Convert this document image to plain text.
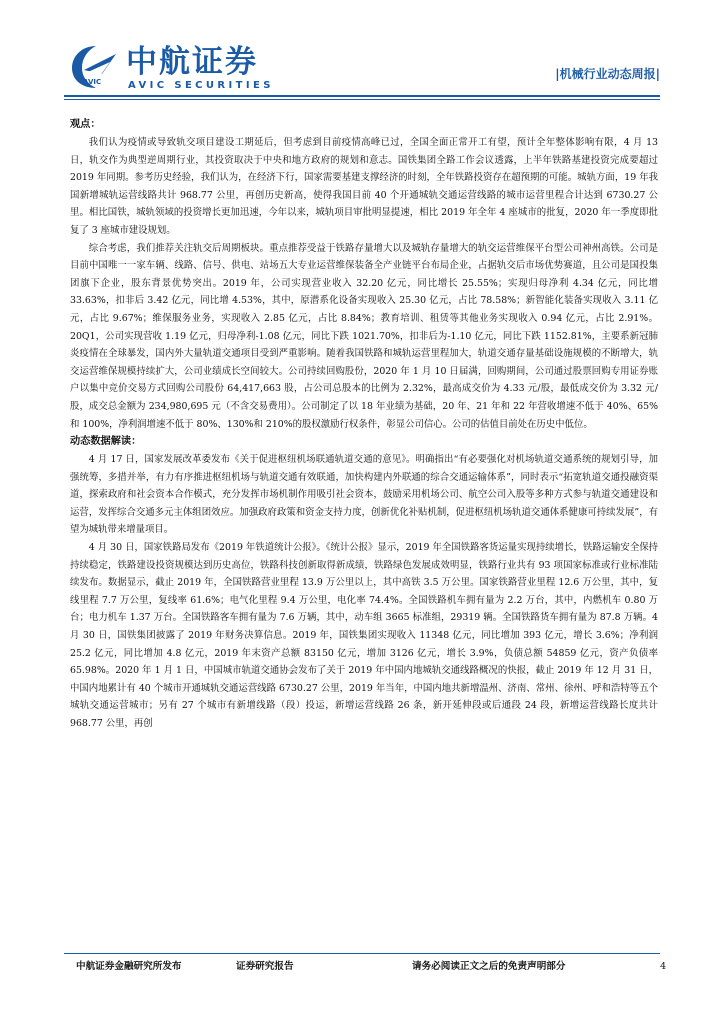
AVIC
中航证券
AVIC SECURITIES
|机械行业动态周报|

观点：

我们认为疫情或导致轨交项目建设工期延后，但考虑到目前疫情高峰已过，全国全面正常开工有望，预计全年整体影响有限，4 月 13 日，轨交作为典型逆周期行业，其投资取决于中央和地方政府的规划和意志。国铁集团全路工作会议透露，上半年铁路基建投资完成要超过 2019 年同期。参考历史经验，我们认为，在经济下行，国家需要基建支撑经济的时刻，全年铁路投资存在超预期的可能。城轨方面，19 年我国新增城轨运营线路共计 968.77 公里，再创历史新高，使得我国目前 40 个开通城轨交通运营线路的城市运营里程合计达到 6730.27 公里。相比国铁，城轨领域的投资增长更加迅速，今年以来，城轨项目审批明显提速，相比 2019 年全年 4 座城市的批复，2020 年一季度即批复了 3 座城市建设规划。

综合考虑，我们推荐关注轨交后周期板块。重点推荐受益于铁路存量增大以及城轨存量增大的轨交运营维保平台型公司神州高铁。公司是目前中国唯一一家车辆、线路、信号、供电、站场五大专业运营维保装备全产业链平台布局企业，占据轨交后市场优势赛道，且公司是国投集团旗下企业，股东背景优势突出。2019 年，公司实现营业收入 32.20 亿元，同比增长 25.55%；实现归母净利 4.34 亿元，同比增 33.63%，扣非后 3.42 亿元，同比增 4.53%，其中，原潜系化设备实现收入 25.30 亿元，占比 78.58%；新智能化装备实现收入 3.11 亿元，占比 9.67%；维保服务业务，实现收入 2.85 亿元，占比 8.84%；教育培训、租赁等其他业务实现收入 0.94 亿元，占比 2.91%。20Q1，公司实现营收 1.19 亿元，归母净利-1.08 亿元，同比下跌 1021.70%，扣非后为-1.10 亿元，同比下跌 1152.81%，主要系新冠肺炎疫情在全球暴发，国内外大量轨道交通项目受到严重影响。随着我国铁路和城轨运营里程加大，轨道交通存量基础设施规模的不断增大，轨交运营维保规模持续扩大，公司业绩成长空间较大。公司持续回购股份，2020 年 1 月 10 日届满，回购期间，公司通过股票回购专用证券账户以集中竞价交易方式回购公司股份 64,417,663 股，占公司总股本的比例为 2.32%，最高成交价为 4.33 元/股，最低成交价为 3.32 元/股，成交总金额为 234,980,695 元（不含交易费用）。公司制定了以 18 年业绩为基础，20 年、21 年和 22 年营收增速不低于 40%、65%和 100%，净利润增速不低于 80%、130%和 210%的股权激励行权条件，彰显公司信心。公司的估值目前处在历史中低位。

动态数据解读：

4 月 17 日，国家发展改革委发布《关于促进枢纽机场联通轨道交通的意见》。明确指出“有必要强化对机场轨道交通系统的规划引导，加强统筹，多措并举，有力有序推进枢纽机场与轨道交通有效联通，加快构建内外联通的综合交通运输体系”，同时表示“拓宽轨道交通投融资渠道，探索政府和社会资本合作模式，充分发挥市场机制作用吸引社会资本，鼓励采用机场公司、航空公司入股等多种方式参与轨道交通建设和运营，发挥综合交通多元主体组团效应。加强政府政策和资金支持力度，创新优化补贴机制，促进枢纽机场轨道交通体系健康可持续发展”，有望为城轨带来增量项目。

4 月 30 日，国家铁路局发布《2019 年铁道统计公报》。《统计公报》显示，2019 年全国铁路客货运量实现持续增长，铁路运输安全保持持续稳定，铁路建设投资规模达到历史高位，铁路科技创新取得新成绩，铁路绿色发展成效明显，铁路行业共有 93 项国家标准或行业标准陆续发布。数据显示，截止 2019 年，全国铁路营业里程 13.9 万公里以上，其中高铁 3.5 万公里。国家铁路营业里程 12.6 万公里，其中，复线里程 7.7 万公里，复线率 61.6%；电气化里程 9.4 万公里，电化率 74.4%。全国铁路机车拥有量为 2.2 万台，其中，内燃机车 0.80 万台；电力机车 1.37 万台。全国铁路客车拥有量为 7.6 万辆，其中，动车组 3665 标准组，29319 辆。全国铁路货车拥有量为 87.8 万辆。4 月 30 日，国铁集团披露了 2019 年财务决算信息。2019 年，国铁集团实现收入 11348 亿元，同比增加 393 亿元，增长 3.6%；净利润 25.2 亿元，同比增加 4.8 亿元，2019 年末资产总额 83150 亿元，增加 3126 亿元，增长 3.9%，负债总额 54859 亿元，资产负债率 65.98%。2020 年 1 月 1 日，中国城市轨道交通协会发布了关于 2019 年中国内地城轨交通线路概况的快报，截止 2019 年 12 月 31 日，中国内地累计有 40 个城市开通城轨交通运营线路 6730.27 公里，2019 年当年，中国内地共新增温州、济南、常州、徐州、呼和浩特等五个城轨交通运营城市；另有 27 个城市有新增线路（段）投运，新增运营线路 26 条，新开延伸段或后通段 24 段，新增运营线路长度共计 968.77 公里，再创

中航证券金融研究所发布	证券研究报告	请务必阅读正文之后的免责声明部分	4
